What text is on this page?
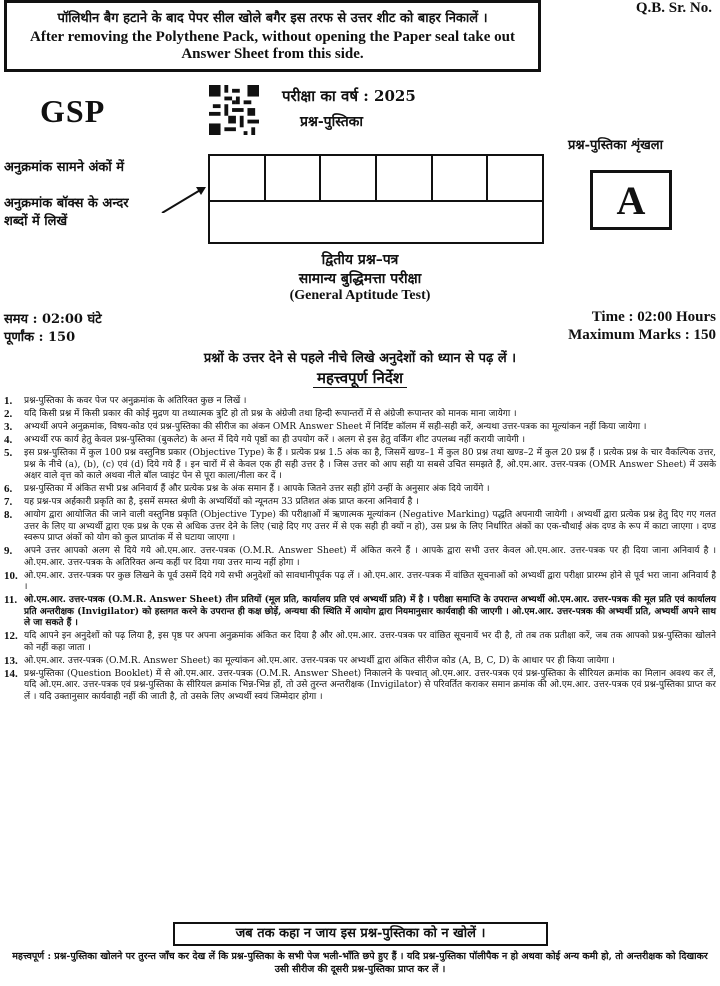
पॉलिथीन बैग हटाने के बाद पेपर सील खोले बगैर इस तरफ से उत्तर शीट को बाहर निकालें ।
After removing the Polythene Pack, without opening the Paper seal take out Answer Sheet from this side.
Q.B. Sr. No.
GSP	परीक्षा का वर्ष : 2025
प्रश्न-पुस्तिका
प्रश्न-पुस्तिका शृंखला
A
अनुक्रमांक सामने अंकों में
अनुक्रमांक बॉक्स के अन्दर
शब्दों में लिखें
द्वितीय प्रश्न–पत्र
सामान्य बुद्धिमत्ता परीक्षा
(General Aptitude Test)
समय : 02:00 घंटे
पूर्णांक : 150
Time : 02:00 Hours
Maximum Marks : 150
प्रश्नों के उत्तर देने से पहले नीचे लिखे अनुदेशों को ध्यान से पढ़ लें ।
महत्त्वपूर्ण निर्देश
1.	प्रश्न-पुस्तिका के कवर पेज पर अनुक्रमांक के अतिरिक्त कुछ न लिखें ।
2.	यदि किसी प्रश्न में किसी प्रकार की कोई मुद्रण या तथ्यात्मक त्रुटि हो तो प्रश्न के अंग्रेजी तथा हिन्दी रूपान्तरों में से अंग्रेजी रूपान्तर को मानक माना जायेगा ।
3.	अभ्यर्थी अपने अनुक्रमांक, विषय-कोड एवं प्रश्न-पुस्तिका की सीरीज का अंकन OMR Answer Sheet में निर्दिष्ट कॉलम में सही-सही करें, अन्यथा उत्तर-पत्रक का मूल्यांकन नहीं किया जायेगा ।
4.	अभ्यर्थी रफ कार्य हेतु केवल प्रश्न-पुस्तिका (बुकलेट) के अन्त में दिये गये पृष्ठों का ही उपयोग करें । अलग से इस हेतु वर्किंग शीट उपलब्ध नहीं करायी जायेगी ।
5.	इस प्रश्न-पुस्तिका में कुल 100 प्रश्न वस्तुनिष्ठ प्रकार (Objective Type) के हैं । प्रत्येक प्रश्न 1.5 अंक का है, जिसमें खण्ड–1 में कुल 80 प्रश्न तथा खण्ड–2 में कुल 20 प्रश्न हैं । प्रत्येक प्रश्न के चार वैकल्पिक उत्तर, प्रश्न के नीचे (a), (b), (c) एवं (d) दिये गये हैं । इन चारों में से केवल एक ही सही उत्तर है । जिस उत्तर को आप सही या सबसे उचित समझते हैं, ओ.एम.आर. उत्तर-पत्रक (OMR Answer Sheet) में उसके अक्षर वाले वृत्त को काले अथवा नीले बॉल प्वाइंट पेन से पूरा काला/नीला कर दें ।
6.	प्रश्न-पुस्तिका में अंकित सभी प्रश्न अनिवार्य हैं और प्रत्येक प्रश्न के अंक समान हैं । आपके जितने उत्तर सही होंगे उन्हीं के अनुसार अंक दिये जायेंगे ।
7.	यह प्रश्न-पत्र अर्हकारी प्रकृति का है, इसमें समस्त श्रेणी के अभ्यर्थियों को न्यूनतम 33 प्रतिशत अंक प्राप्त करना अनिवार्य है ।
8.	आयोग द्वारा आयोजित की जाने वाली वस्तुनिष्ठ प्रकृति (Objective Type) की परीक्षाओं में ऋणात्मक मूल्यांकन (Negative Marking) पद्धति अपनायी जायेगी । अभ्यर्थी द्वारा प्रत्येक प्रश्न हेतु दिए गए गलत उत्तर के लिए या अभ्यर्थी द्वारा एक प्रश्न के एक से अधिक उत्तर देने के लिए (चाहे दिए गए उत्तर में से एक सही ही क्यों न हो), उस प्रश्न के लिए निर्धारित अंकों का एक-चौथाई अंक दण्ड के रूप में काटा जाएगा । दण्ड स्वरूप प्राप्त अंकों को योग को कुल प्राप्तांक में से घटाया जाएगा ।
9.	अपने उत्तर आपको अलग से दिये गये ओ.एम.आर. उत्तर-पत्रक (O.M.R. Answer Sheet) में अंकित करने हैं । आपके द्वारा सभी उत्तर केवल ओ.एम.आर. उत्तर-पत्रक पर ही दिया जाना अनिवार्य है । ओ.एम.आर. उत्तर-पत्रक के अतिरिक्त अन्य कहीं पर दिया गया उत्तर मान्य नहीं होगा ।
10. ओ.एम.आर. उत्तर-पत्रक पर कुछ लिखने के पूर्व उसमें दिये गये सभी अनुदेशों को सावधानीपूर्वक पढ़ लें । ओ.एम.आर. उत्तर-पत्रक में वांछित सूचनाओं को अभ्यर्थी द्वारा परीक्षा प्रारम्भ होने से पूर्व भरा जाना अनिवार्य है ।
11. ओ.एम.आर. उत्तर-पत्रक (O.M.R. Answer Sheet) तीन प्रतियों (मूल प्रति, कार्यालय प्रति एवं अभ्यर्थी प्रति) में है । परीक्षा समाप्ति के उपरान्त अभ्यर्थी ओ.एम.आर. उत्तर-पत्रक की मूल प्रति एवं कार्यालय प्रति अन्तरीक्षक (Invigilator) को हस्तगत करने के उपरान्त ही कक्ष छोड़ें, अन्यथा की स्थिति में आयोग द्वारा नियमानुसार कार्यवाही की जाएगी । ओ.एम.आर. उत्तर-पत्रक की अभ्यर्थी प्रति, अभ्यर्थी अपने साथ ले जा सकते हैं ।
12. यदि आपने इन अनुदेशों को पढ़ लिया है, इस पृष्ठ पर अपना अनुक्रमांक अंकित कर दिया है और ओ.एम.आर. उत्तर-पत्रक पर वांछित सूचनायें भर दी है, तो तब तक प्रतीक्षा करें, जब तक आपको प्रश्न-पुस्तिका खोलने को नहीं कहा जाता ।
13. ओ.एम.आर. उत्तर-पत्रक (O.M.R. Answer Sheet) का मूल्यांकन ओ.एम.आर. उत्तर-पत्रक पर अभ्यर्थी द्वारा अंकित सीरीज कोड (A, B, C, D) के आधार पर ही किया जायेगा ।
14. प्रश्न-पुस्तिका (Question Booklet) में से ओ.एम.आर. उत्तर-पत्रक (O.M.R. Answer Sheet) निकालने के पश्चात् ओ.एम.आर. उत्तर-पत्रक एवं प्रश्न-पुस्तिका के सीरियल क्रमांक का मिलान अवश्य कर लें, यदि ओ.एम.आर. उत्तर-पत्रक एवं प्रश्न-पुस्तिका के सीरियल क्रमांक भिन्न-भिन्न हों, तो उसे तुरन्त अन्तरीक्षक (Invigilator) से परिवर्तित कराकर समान क्रमांक की ओ.एम.आर. उत्तर-पत्रक एवं प्रश्न-पुस्तिका प्राप्त कर लें । यदि उक्तानुसार कार्यवाही नहीं की जाती है, तो उसके लिए अभ्यर्थी स्वयं जिम्मेदार होगा ।
जब तक कहा न जाय इस प्रश्न-पुस्तिका को न खोलें ।
महत्त्वपूर्ण : प्रश्न-पुस्तिका खोलने पर तुरन्त जाँच कर देख लें कि प्रश्न-पुस्तिका के सभी पेज भली-भाँति छपे हुए हैं । यदि प्रश्न-पुस्तिका पॉलीपैक न हो अथवा कोई अन्य कमी हो, तो अन्तरीक्षक को दिखाकर उसी सीरीज की दूसरी प्रश्न-पुस्तिका प्राप्त कर लें ।
